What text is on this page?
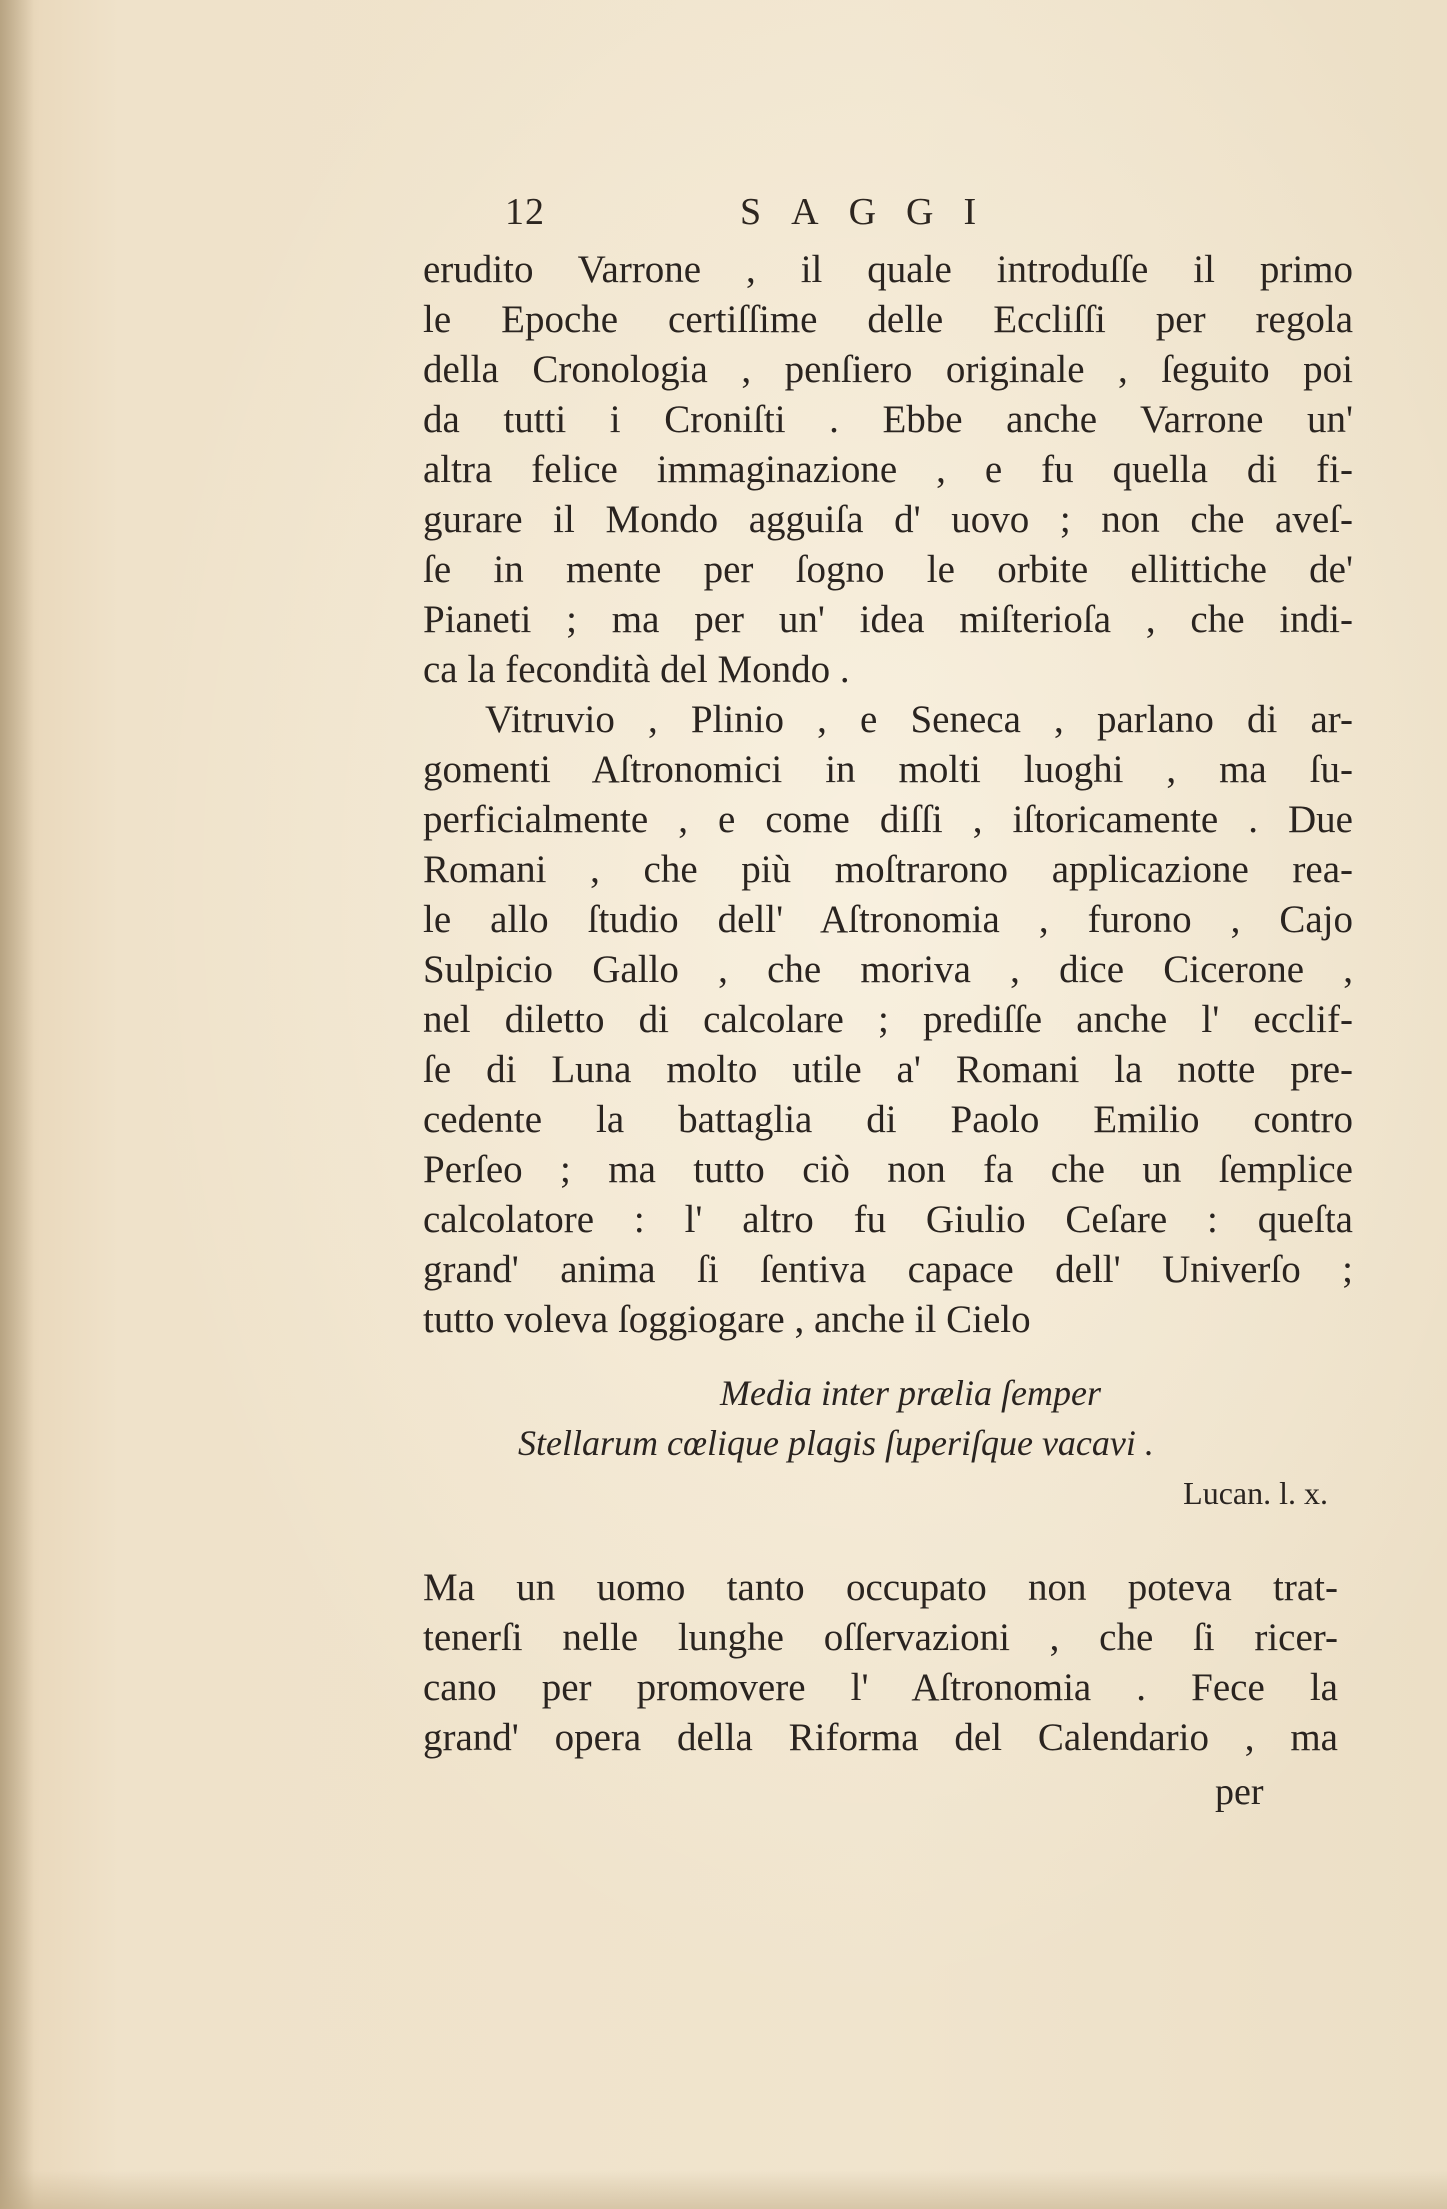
12	SAGGI
erudito Varrone , il quale introduſſe il primo
le Epoche certiſſime delle Eccliſſi per regola
della Cronologia , penſiero originale , ſeguito poi
da tutti i Croniſti . Ebbe anche Varrone un'
altra felice immaginazione , e fu quella di fi-
gurare il Mondo agguiſa d' uovo ; non che aveſ-
ſe in mente per ſogno le orbite ellittiche de'
Pianeti ; ma per un' idea miſterioſa , che indi-
ca la fecondità del Mondo .
Vitruvio , Plinio , e Seneca , parlano di ar-
gomenti Aſtronomici in molti luoghi , ma ſu-
perficialmente , e come diſſi , iſtoricamente . Due
Romani , che più moſtrarono applicazione rea-
le allo ſtudio dell' Aſtronomia , furono , Cajo
Sulpicio Gallo , che moriva , dice Cicerone ,
nel diletto di calcolare ; prediſſe anche l' ecclif-
ſe di Luna molto utile a' Romani la notte pre-
cedente la battaglia di Paolo Emilio contro
Perſeo ; ma tutto ciò non fa che un ſemplice
calcolatore : l' altro fu Giulio Ceſare : queſta
grand' anima ſi ſentiva capace dell' Univerſo ;
tutto voleva ſoggiogare , anche il Cielo
Media inter prælia ſemper
Stellarum cœlique plagis ſuperiſque vacavi .
Lucan. l. x.
Ma un uomo tanto occupato non poteva trat-
tenerſi nelle lunghe oſſervazioni , che ſi ricer-
cano per promovere l' Aſtronomia . Fece la
grand' opera della Riforma del Calendario , ma
per
